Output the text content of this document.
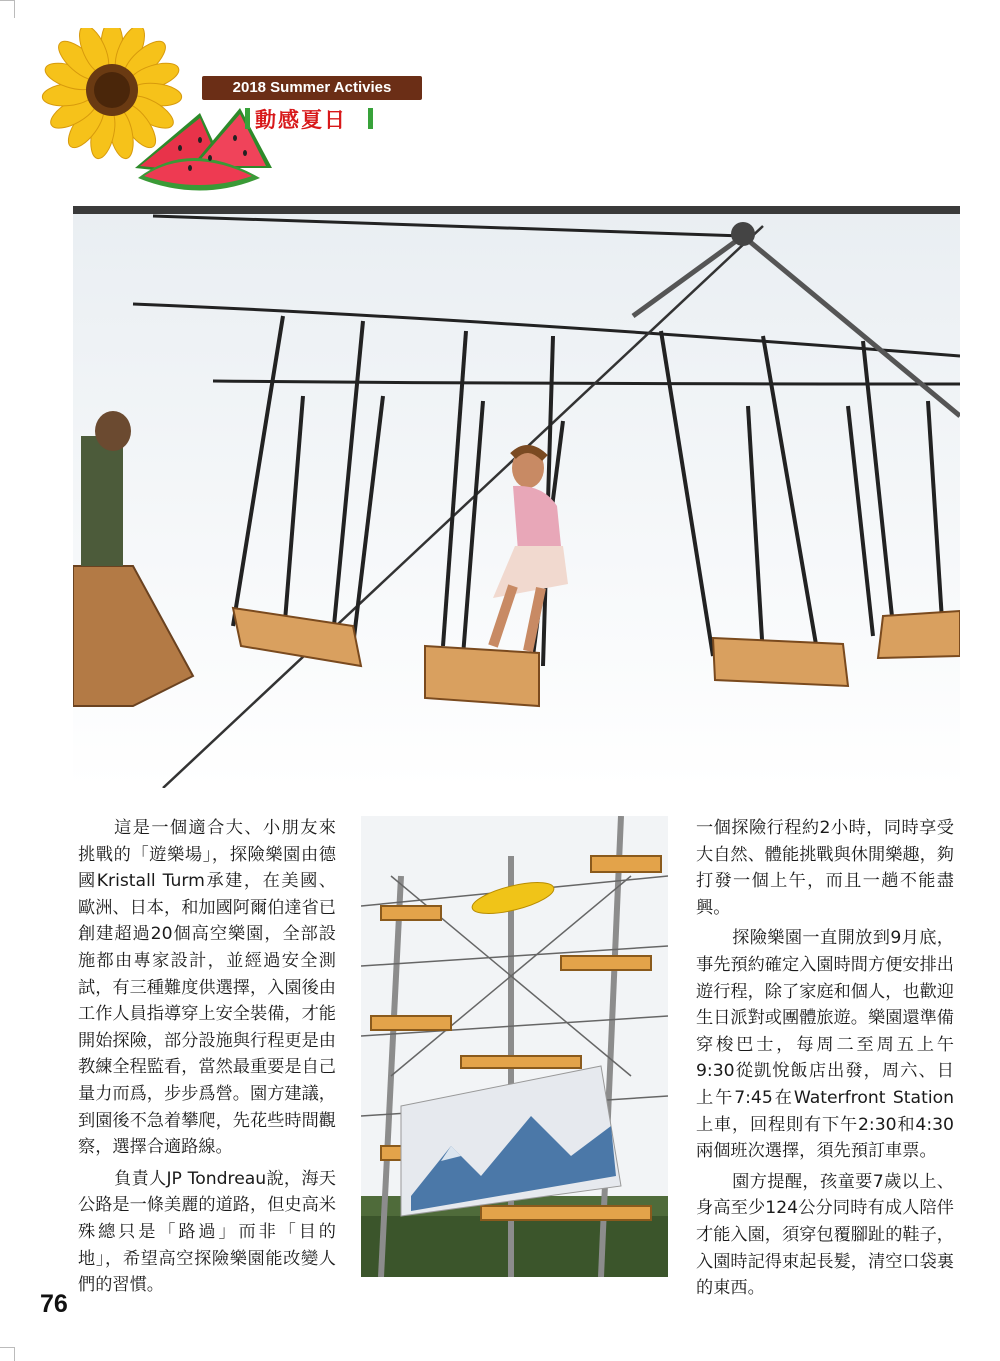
2018 Summer Activies
動感夏日

這是一個適合大、小朋友來挑戰的「遊樂場」，探險樂園由德國Kristall Turm承建，在美國、歐洲、日本，和加國阿爾伯達省已創建超過20個高空樂園，全部設施都由專家設計，並經過安全測試，有三種難度供選擇，入園後由工作人員指導穿上安全裝備，才能開始探險，部分設施與行程更是由教練全程監看，當然最重要是自己量力而爲，步步爲營。園方建議，到園後不急着攀爬，先花些時間觀察，選擇合適路線。

負責人JP Tondreau說，海天公路是一條美麗的道路，但史高米殊總只是「路過」而非「目的地」，希望高空探險樂園能改變人們的習慣。

一個探險行程約2小時，同時享受大自然、體能挑戰與休閒樂趣，夠打發一個上午，而且一趟不能盡興。

探險樂園一直開放到9月底，事先預約確定入園時間方便安排出遊行程，除了家庭和個人，也歡迎生日派對或團體旅遊。樂園還準備穿梭巴士，每周二至周五上午9:30從凱悅飯店出發，周六、日上午7:45在Waterfront Station上車，回程則有下午2:30和4:30兩個班次選擇，須先預訂車票。

園方提醒，孩童要7歲以上、身高至少124公分同時有成人陪伴才能入園，須穿包覆腳趾的鞋子，入園時記得束起長髮，清空口袋裏的東西。

76
